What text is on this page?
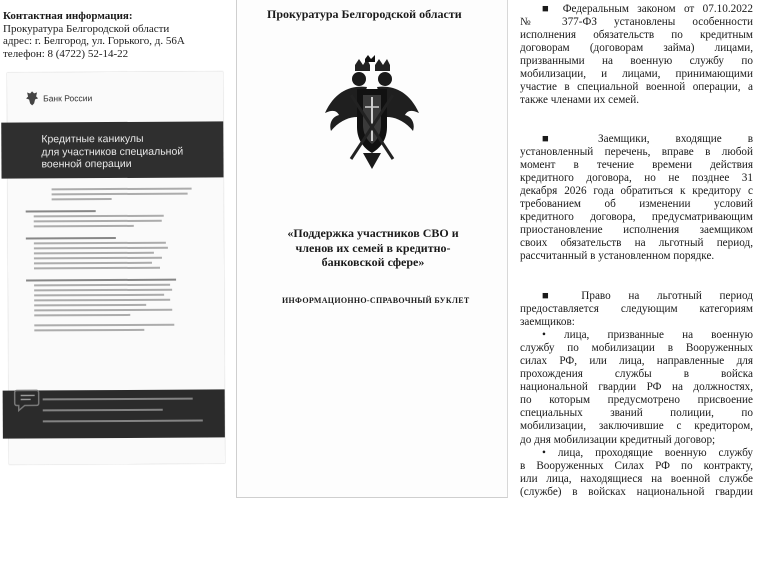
Контактная информация:
Прокуратура Белгородской области
адрес: г. Белгород, ул. Горького, д. 56А
телефон: 8 (4722) 52-14-22
Банк России
Кредитные каникулы
для участников специальной
военной операции
Прокуратура Белгородской области
«Поддержка участников СВО и
членов их семей в кредитно-
банковской сфере»
ИНФОРМАЦИОННО-СПРАВОЧНЫЙ БУКЛЕТ
■ Федеральным законом от 07.10.2022
№ 377-ФЗ установлены особенности
исполнения обязательств по кредитным
договорам (договорам займа) лицами,
призванными на военную службу по
мобилизации, и лицами, принимающими
участие в специальной военной операции, а
также членами их семей.
■ Заемщики, входящие в
установленный перечень, вправе в любой
момент в течение времени действия
кредитного договора, но не позднее 31
декабря 2026 года обратиться к кредитору с
требованием об изменении условий
кредитного договора, предусматривающим
приостановление исполнения заемщиком
своих обязательств на льготный период,
рассчитанный в установленном порядке.
■ Право на льготный период
предоставляется следующим категориям
заемщиков:
• лица, призванные на военную
службу по мобилизации в Вооруженных
силах РФ, или лица, направленные для
прохождения службы в войска
национальной гвардии РФ на должностях,
по которым предусмотрено присвоение
специальных званий полиции, по
мобилизации, заключившие с кредитором,
до дня мобилизации кредитный договор;
• лица, проходящие военную службу
в Вооруженных Силах РФ по контракту,
или лица, находящиеся на военной службе
(службе) в войсках национальной гвардии
